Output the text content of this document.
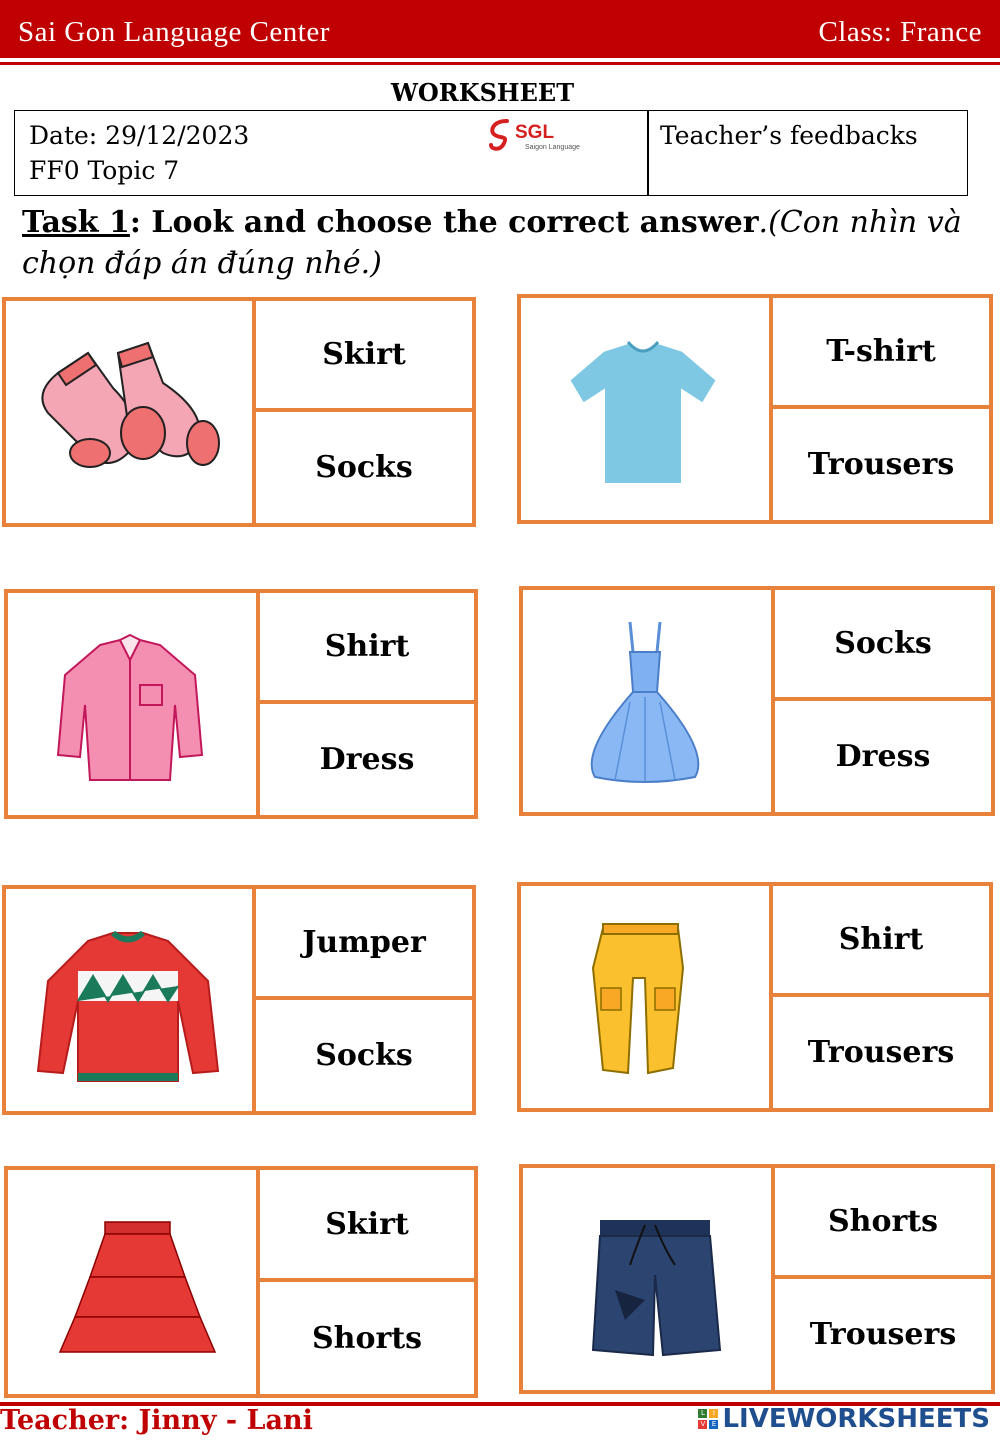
Sai Gon Language Center	Class: France
WORKSHEET
Date: 29/12/2023
FF0 Topic 7
SGL
Saigon Language	Teacher’s feedbacks
Task 1: Look and choose the correct answer.(Con nhìn và chọn đáp án đúng nhé.)
Skirt
Socks
T-shirt
Trousers
Shirt
Dress
Socks
Dress
Jumper
Socks
Shirt
Trousers
Skirt
Shorts
Shorts
Trousers
Teacher: Jinny - Lani	L	I
V E LIVEWORKSHEETS
